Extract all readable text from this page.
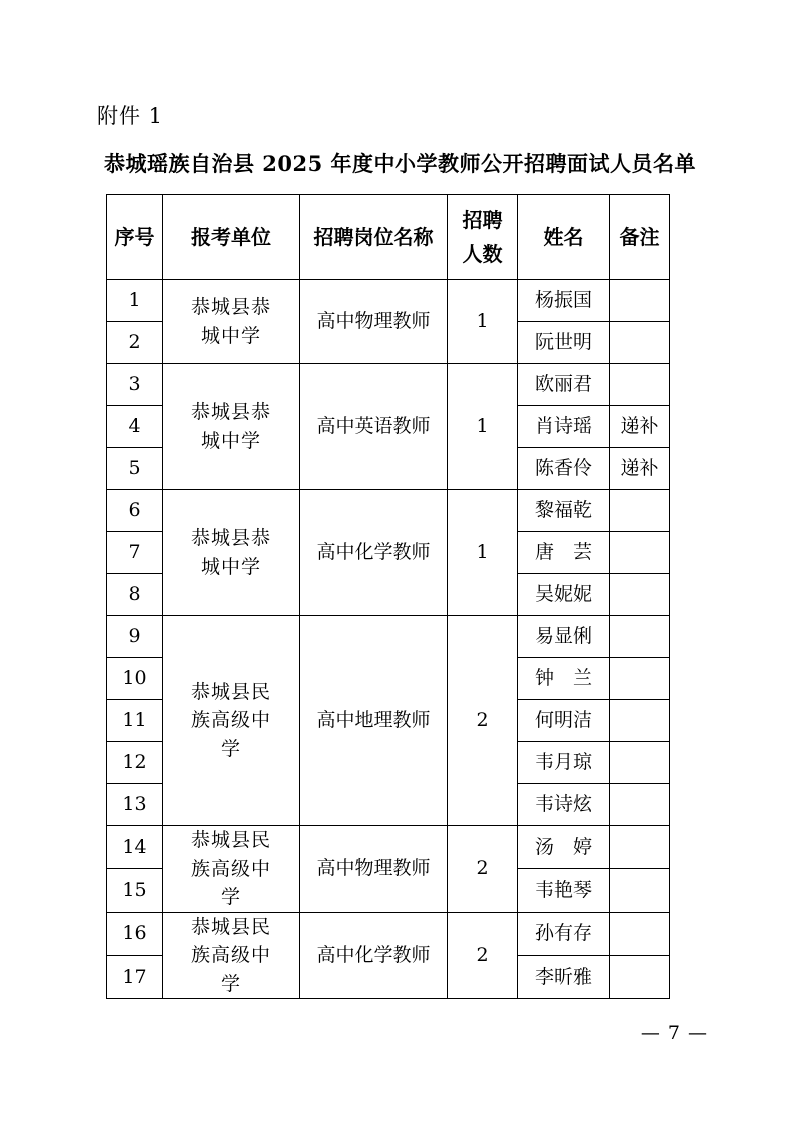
附件 1
恭城瑶族自治县 2025 年度中小学教师公开招聘面试人员名单
序号	报考单位	招聘岗位名称	招聘人数	姓名	备注
1	恭城县恭城中学	高中物理教师	1	杨振国	
2				阮世明	
3	恭城县恭城中学	高中英语教师	1	欧丽君	
4				肖诗瑶	递补
5				陈香伶	递补
6	恭城县恭城中学	高中化学教师	1	黎福乾	
7				唐　芸	
8				吴妮妮	
9	恭城县民族高级中学	高中地理教师	2	易显俐	
10				钟　兰	
11				何明洁	
12				韦月琼	
13				韦诗炫	
14	恭城县民族高级中学	高中物理教师	2	汤　婷	
15				韦艳琴	
16	恭城县民族高级中学	高中化学教师	2	孙有存	
17				李昕雅	
— 7 —
